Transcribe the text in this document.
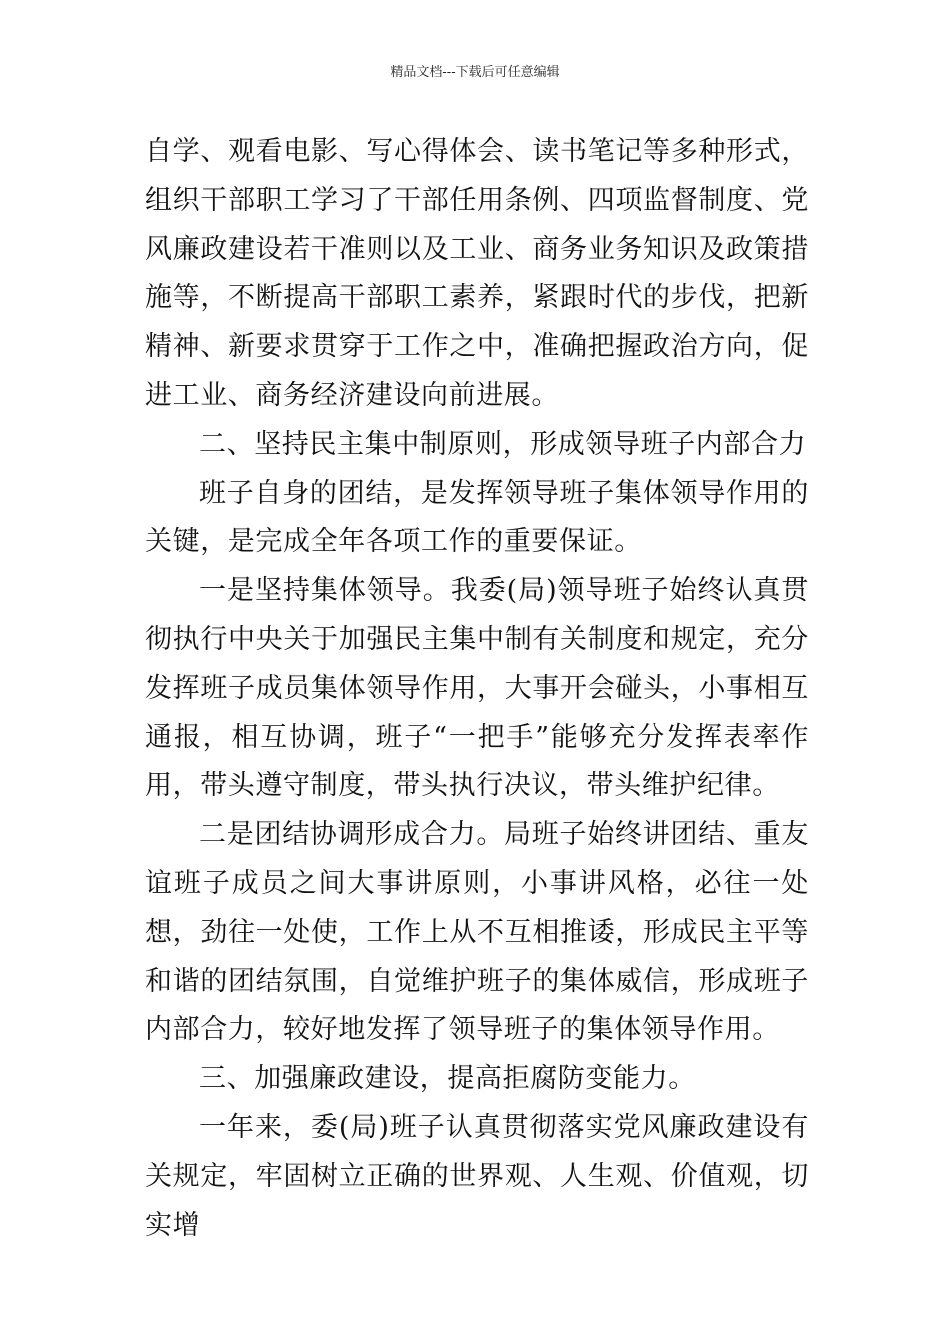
精品文档---下载后可任意编辑

自学、观看电影、写心得体会、读书笔记等多种形式，组织干部职工学习了干部任用条例、四项监督制度、党风廉政建设若干准则以及工业、商务业务知识及政策措施等，不断提高干部职工素养，紧跟时代的步伐，把新精神、新要求贯穿于工作之中，准确把握政治方向，促进工业、商务经济建设向前进展。

二、坚持民主集中制原则，形成领导班子内部合力

班子自身的团结，是发挥领导班子集体领导作用的关键，是完成全年各项工作的重要保证。

一是坚持集体领导。我委(局)领导班子始终认真贯彻执行中央关于加强民主集中制有关制度和规定，充分发挥班子成员集体领导作用，大事开会碰头，小事相互通报，相互协调，班子“一把手”能够充分发挥表率作用，带头遵守制度，带头执行决议，带头维护纪律。

二是团结协调形成合力。局班子始终讲团结、重友谊班子成员之间大事讲原则，小事讲风格，必往一处想，劲往一处使，工作上从不互相推诿，形成民主平等和谐的团结氛围，自觉维护班子的集体威信，形成班子内部合力，较好地发挥了领导班子的集体领导作用。

三、加强廉政建设，提高拒腐防变能力。

一年来，委(局)班子认真贯彻落实党风廉政建设有关规定，牢固树立正确的世界观、人生观、价值观，切实增
